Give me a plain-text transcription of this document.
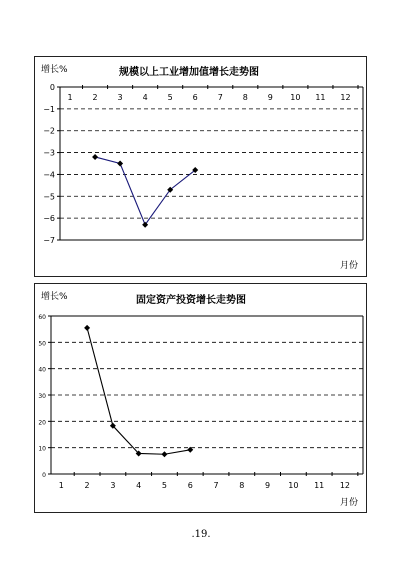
增长%	规模以上工业增加值增长走势图
月份
0
−1
−2
−3
−4
−5
−6
−7
1 2 3 4 5 6 7 8 9 10 11 12
增长%	固定资产投资增长走势图
月份
0
10
20
30
40
50
60
1	2	3	4	5	6	7	8	9 10 11 12
.19.
